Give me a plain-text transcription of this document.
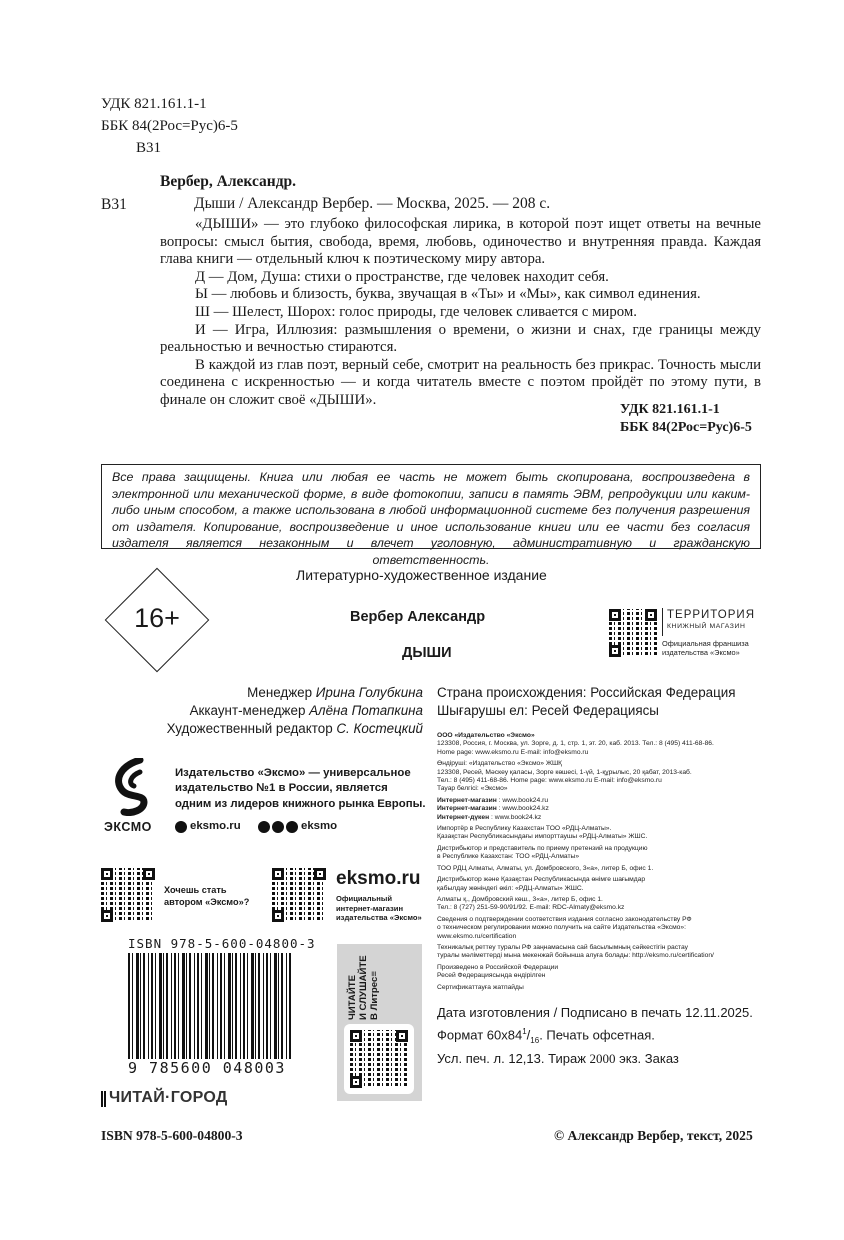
УДК 821.161.1-1
ББК 84(2Рос=Рус)6-5
В31
Вербер, Александр.
В31	Дыши / Александр Вербер. — Москва, 2025. — 208 с.

«ДЫШИ» — это глубоко философская лирика, в которой поэт ищет ответы на вечные вопросы: смысл бытия, свобода, время, любовь, одиночество и внутренняя правда. Каждая глава книги — отдельный ключ к поэтическому миру автора.

Д — Дом, Душа: стихи о пространстве, где человек находит себя.

Ы — любовь и близость, буква, звучащая в «Ты» и «Мы», как символ единения.

Ш — Шелест, Шорох: голос природы, где человек сливается с миром.

И — Игра, Иллюзия: размышления о времени, о жизни и снах, где границы между реальностью и вечностью стираются.

В каждой из глав поэт, верный себе, смотрит на реальность без прикрас. Точность мысли соединена с искренностью — и когда читатель вместе с поэтом пройдёт по этому пути, в финале он сложит своё «ДЫШИ».

УДК 821.161.1-1
ББК 84(2Рос=Рус)6-5
Все права защищены. Книга или любая ее часть не может быть скопирована, воспроизведена в электронной или механической форме, в виде фотокопии, записи в память ЭВМ, репродукции или каким-либо иным способом, а также использована в любой информационной системе без получения разрешения от издателя. Копирование, воспроизведение и иное использование книги или ее части без согласия издателя является незаконным и влечет уголовную, административную и гражданскую ответственность.
Литературно-художественное издание
16+	Вербер Александр
ДЫШИ
ТЕРРИТОРИЯ
КНИЖНЫЙ МАГАЗИН
Официальная франшиза
издательства «Эксмо»
Менеджер Ирина Голубкина
Аккаунт-менеджер Алёна Потапкина
Художественный редактор С. Костецкий
Страна происхождения: Российская Федерация
Шығарушы ел: Ресей Федерациясы
ООО «Издательство «Эксмо»
123308, Россия, г. Москва, ул. Зорге, д. 1, стр. 1, эт. 20, каб. 2013. Тел.: 8 (495) 411-68-86.
Home page: www.eksmo.ru E-mail: info@eksmo.ru
Өндіруші: «Издательство «Эксмо» ЖШҚ
123308, Ресей, Мәскеу қаласы, Зорге көшесі, 1-үй, 1-құрылыс, 20 қабат, 2013-каб.
Тел.: 8 (495) 411-68-86. Home page: www.eksmo.ru E-mail: info@eksmo.ru
Тауар белгісі: «Эксмо»
Интернет-магазин : www.book24.ru
Интернет-магазин : www.book24.kz
Интернет-дүкен : www.book24.kz
Импортёр в Республику Казахстан ТОО «РДЦ-Алматы».
Қазақстан Республикасындағы импорттаушы «РДЦ-Алматы» ЖШС.
Дистрибьютор и представитель по приему претензий на продукцию
в Республике Казахстан: ТОО «РДЦ-Алматы»
ТОО РДЦ Алматы, Алматы, ул. Домбровского, 3«а», литер Б, офис 1.
Дистрибьютор және Қазақстан Республикасында өнімге шағымдар
қабылдау жөніндегі өкіл: «РДЦ-Алматы» ЖШС.
Алматы қ., Домбровский көш., 3«а», литер Б, офис 1.
Тел.: 8 (727) 251-59-90/91/92. E-mail: RDC-Almaty@eksmo.kz
Сведения о подтверждении соответствия издания согласно законодательству РФ
о техническом регулировании можно получить на сайте Издательства «Эксмо»:
www.eksmo.ru/certification
Техникалық реттеу туралы РФ заңнамасына сай басылымның сәйкестігін растау
туралы мәліметтерді мына мекенжай бойынша алуға болады: http://eksmo.ru/certification/
Произведено в Российской Федерации
Ресей Федерациясында өндірілген
Сертификаттауға жатпайды
ЭКСМО
Издательство «Эксмо» — универсальное
издательство №1 в России, является
одним из лидеров книжного рынка Европы.
eksmo.ru	eksmo
Хочешь стать
автором «Эксмо»?
eksmo.ru
Официальный
интернет-магазин
издательства «Эксмо»
ISBN 978-5-600-04800-3
9 785600 048003
ЧИТАЙТЕ И СЛУШАЙТЕ В Литрес≡
ЧИТАЙ·ГОРОД
Дата изготовления / Подписано в печать 12.11.2025.
Формат $60x84^1/_{16}$. Печать офсетная.
Усл. печ. л. 12,13. Тираж 2000 экз. Заказ
ISBN 978-5-600-04800-3	© Александр Вербер, текст, 2025
